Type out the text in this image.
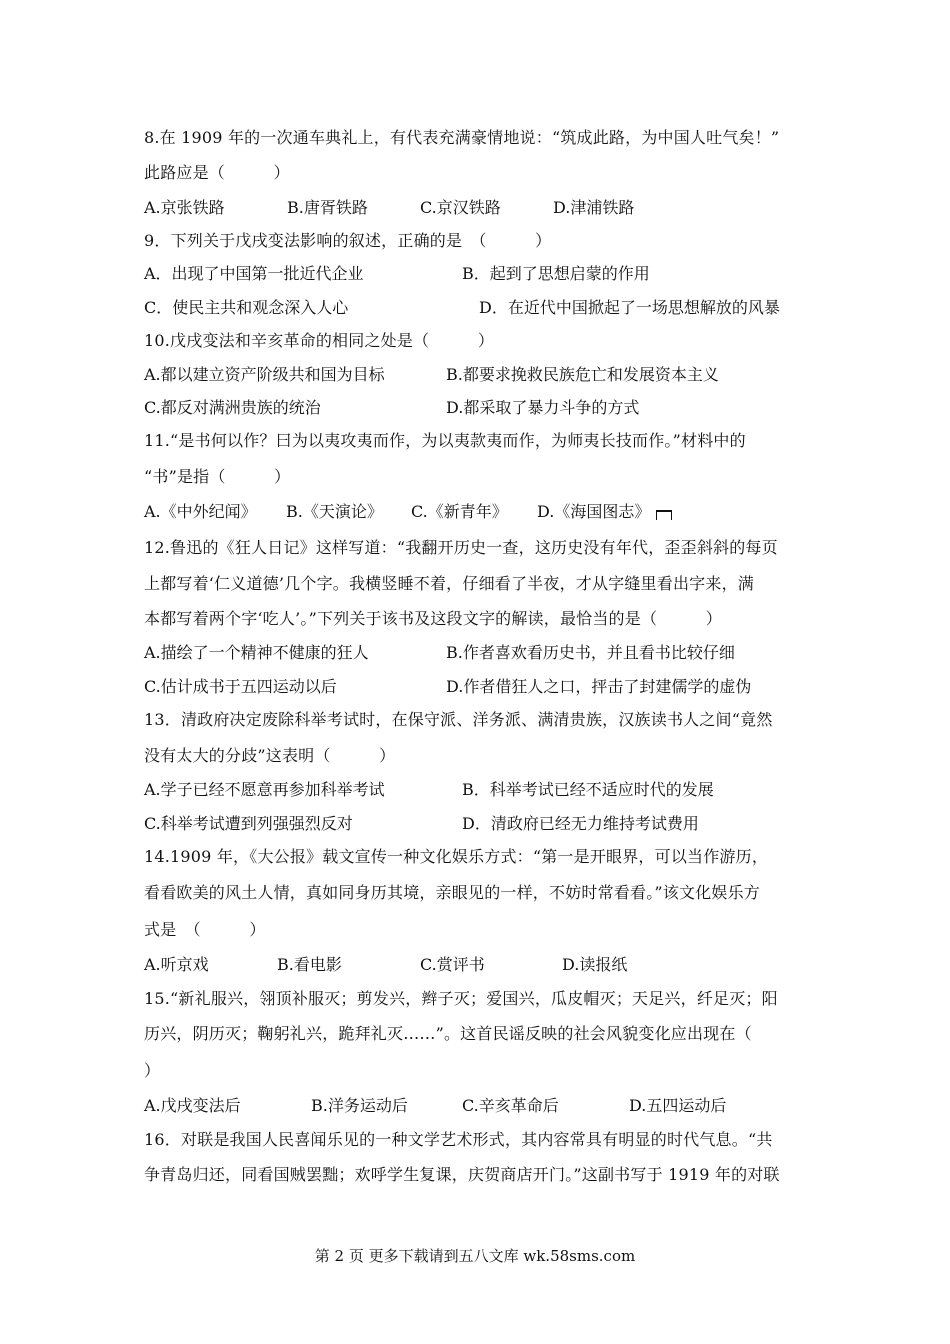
8.在 1909 年的一次通车典礼上，有代表充满豪情地说：“筑成此路，为中国人吐气矣！”
此路应是（　　　）
A.京张铁路	B.唐胥铁路	C.京汉铁路	D.津浦铁路
9．下列关于戊戌变法影响的叙述，正确的是　（　　　）
A．出现了中国第一批近代企业	B．起到了思想启蒙的作用
C．使民主共和观念深入人心	D．在近代中国掀起了一场思想解放的风暴
10.戊戌变法和辛亥革命的相同之处是（　　　）
A.都以建立资产阶级共和国为目标	B.都要求挽救民族危亡和发展资本主义
C.都反对满洲贵族的统治	D.都采取了暴力斗争的方式
11.“是书何以作？曰为以夷攻夷而作，为以夷款夷而作，为师夷长技而作。”材料中的
“书”是指（　　　）
A.《中外纪闻》 B.《天演论》 C.《新青年》 D.《海国图志》
12.鲁迅的《狂人日记》这样写道：“我翻开历史一查，这历史没有年代，歪歪斜斜的每页
上都写着‘仁义道德’几个字。我横竖睡不着，仔细看了半夜，才从字缝里看出字来，满
本都写着两个字‘吃人’。”下列关于该书及这段文字的解读，最恰当的是（　　　）
A.描绘了一个精神不健康的狂人	B.作者喜欢看历史书，并且看书比较仔细
C.估计成书于五四运动以后	D.作者借狂人之口，抨击了封建儒学的虚伪
13．清政府决定废除科举考试时，在保守派、洋务派、满清贵族，汉族读书人之间“竟然
没有太大的分歧”这表明（　　　）
A.学子已经不愿意再参加科举考试	B．科举考试已经不适应时代的发展
C.科举考试遭到列强强烈反对	D．清政府已经无力维持考试费用
14.1909 年，《大公报》载文宣传一种文化娱乐方式：“第一是开眼界，可以当作游历，
看看欧美的风土人情，真如同身历其境，亲眼见的一样，不妨时常看看。”该文化娱乐方
式是　（　　　）
A.听京戏	B.看电影	C.赏评书	D.读报纸
15.“新礼服兴，翎顶补服灭；剪发兴，辫子灭；爱国兴，瓜皮帽灭；天足兴，纤足灭；阳
历兴，阴历灭；鞠躬礼兴，跪拜礼灭……”。这首民谣反映的社会风貌变化应出现在（
）
A.戊戌变法后	B.洋务运动后	C.辛亥革命后	D.五四运动后
16．对联是我国人民喜闻乐见的一种文学艺术形式，其内容常具有明显的时代气息。“共
争青岛归还，同看国贼罢黜；欢呼学生复课，庆贺商店开门。”这副书写于 1919 年的对联
第 2 页 更多下载请到五八文库 wk.58sms.com
